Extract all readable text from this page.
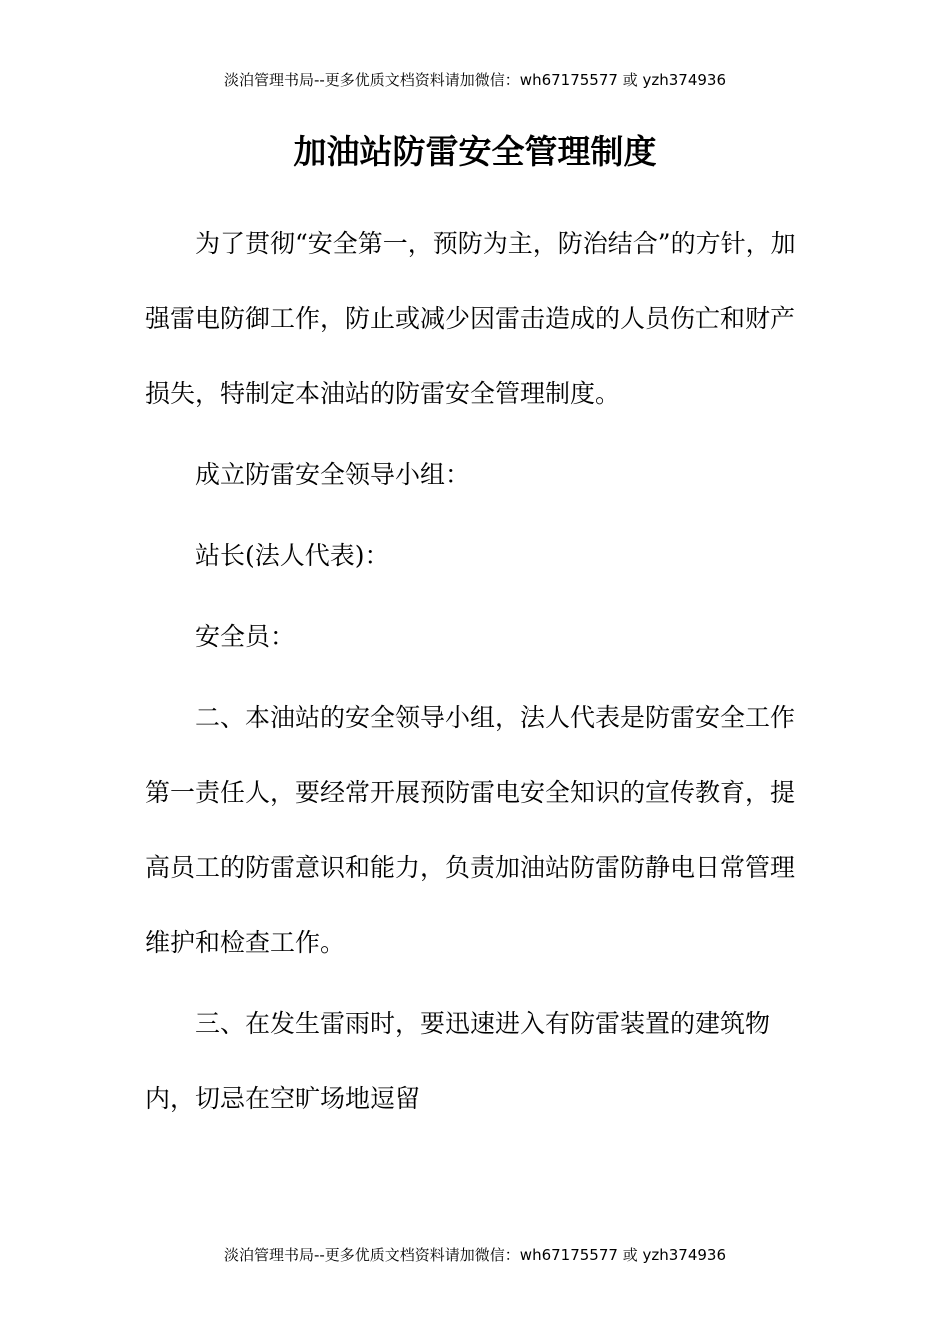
淡泊管理书局--更多优质文档资料请加微信：wh67175577 或 yzh374936
加油站防雷安全管理制度

为了贯彻“安全第一，预防为主，防治结合”的方针，加强雷电防御工作，防止或减少因雷击造成的人员伤亡和财产损失，特制定本油站的防雷安全管理制度。

成立防雷安全领导小组：

站长(法人代表)：

安全员：

二、本油站的安全领导小组，法人代表是防雷安全工作第一责任人，要经常开展预防雷电安全知识的宣传教育，提高员工的防雷意识和能力，负责加油站防雷防静电日常管理维护和检查工作。

三、在发生雷雨时，要迅速进入有防雷装置的建筑物内，切忌在空旷场地逗留

淡泊管理书局--更多优质文档资料请加微信：wh67175577 或 yzh374936
